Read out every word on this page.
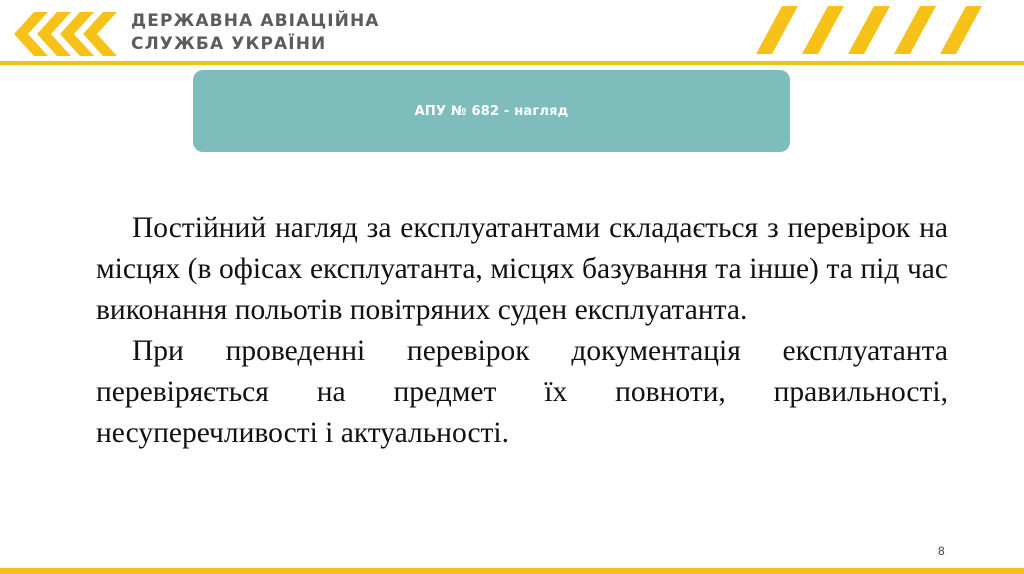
ДЕРЖАВНА АВІАЦІЙНА
СЛУЖБА УКРАЇНИ
АПУ № 682 - нагляд

Постійний нагляд за експлуатантами складається з перевірок на місцях (в офісах експлуатанта, місцях базування та інше) та під час виконання польотів повітряних суден експлуатанта.

При проведенні перевірок документація експлуатанта перевіряється на предмет їх повноти, правильності, несуперечливості і актуальності.

8
